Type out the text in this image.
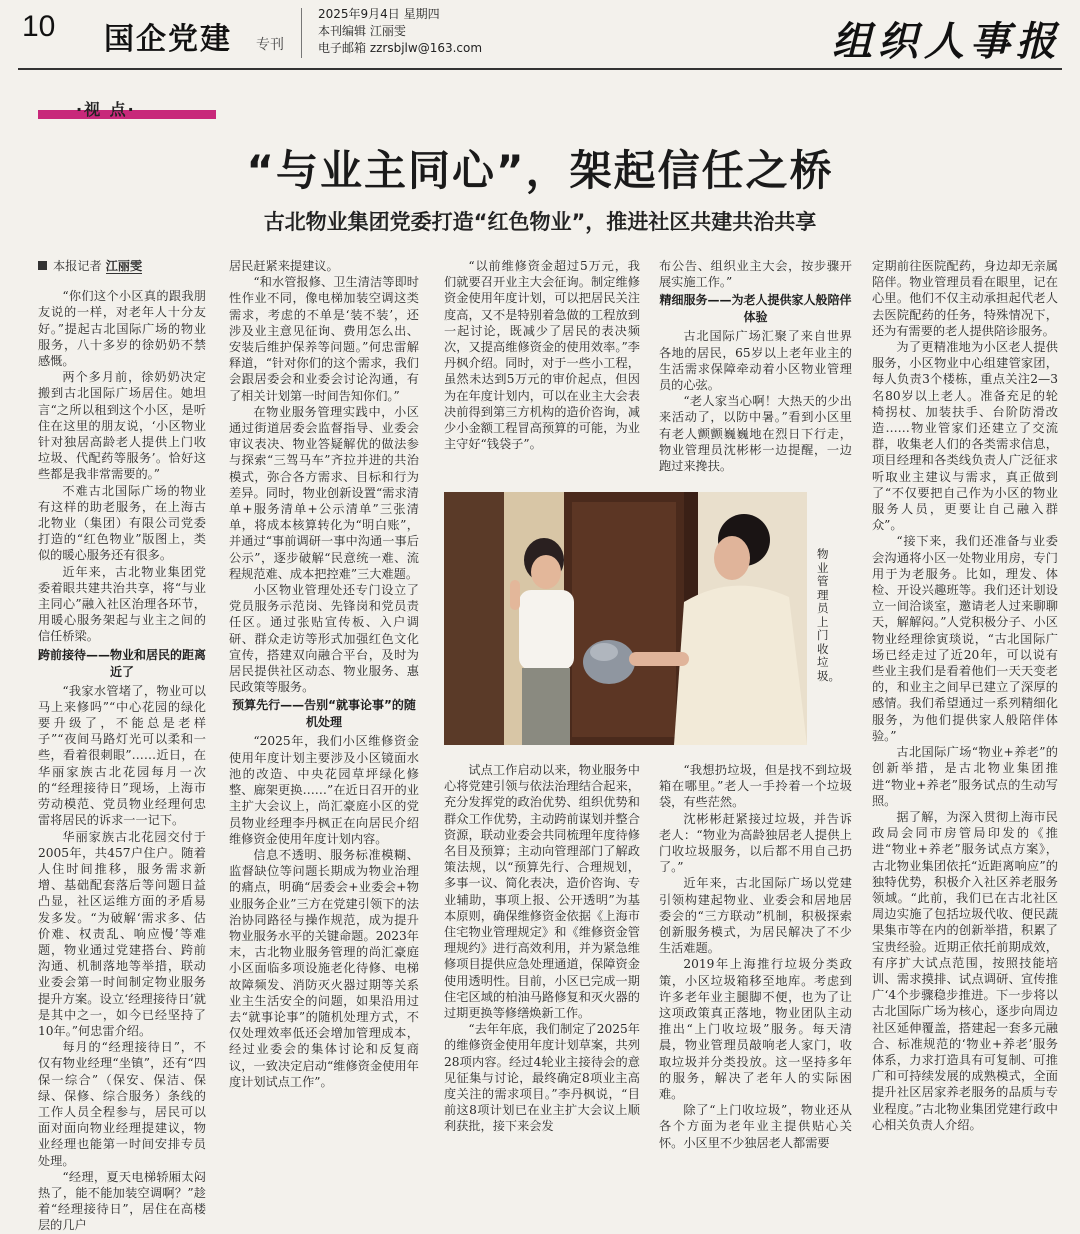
10 国企党建 专刊
2025年9月4日 星期四
本刊编辑 江丽雯
电子邮箱 zzrsbjlw@163.com	组织人事报
·视 点·
“与业主同心”，架起信任之桥
古北物业集团党委打造“红色物业”，推进社区共建共治共享

本报记者 江丽雯

“你们这个小区真的跟我朋友说的一样，对老年人十分友好。”提起古北国际广场的物业服务，八十多岁的徐奶奶不禁感慨。

两个多月前，徐奶奶决定搬到古北国际广场居住。她坦言“之所以租到这个小区，是听住在这里的朋友说，‘小区物业针对独居高龄老人提供上门收垃圾、代配药等服务’。恰好这些都是我非常需要的。”

不难古北国际广场的物业有这样的助老服务，在上海古北物业（集团）有限公司党委打造的“红色物业”版图上，类似的暖心服务还有很多。

近年来，古北物业集团党委着眼共建共治共享，将“与业主同心”融入社区治理各环节，用暖心服务架起与业主之间的信任桥梁。

跨前接待——物业和居民的距离近了

“我家水管堵了，物业可以马上来修吗”“中心花园的绿化要升级了，不能总是老样子”“夜间马路灯光可以柔和一些，看着很刺眼”……近日，在华丽家族古北花园每月一次的“经理接待日”现场，上海市劳动模范、党员物业经理何忠雷将居民的诉求一一记下。

华丽家族古北花园交付于2005年，共457户住户。随着人住时间推移，服务需求新增、基础配套落后等问题日益凸显，社区运维方面的矛盾易发多发。“为破解‘需求多、估价难、权责乱、响应慢’等难题，物业通过党建搭台、跨前沟通、机制落地等举措，联动业委会第一时间制定物业服务提升方案。设立‘经理接待日’就是其中之一，如今已经坚持了10年。”何忠雷介绍。

每月的“经理接待日”，不仅有物业经理“坐镇”，还有“四保一综合”（保安、保洁、保绿、保修、综合服务）条线的工作人员全程参与，居民可以面对面向物业经理提建议，物业经理也能第一时间安排专员处理。

“经理，夏天电梯轿厢太闷热了，能不能加装空调啊？”趁着“经理接待日”，居住在高楼层的几户

居民赶紧来提建议。

“和水管报修、卫生清洁等即时性作业不同，像电梯加装空调这类需求，考虑的不单是‘装不装’，还涉及业主意见征询、费用怎么出、安装后维护保养等问题。”何忠雷解释道，“针对你们的这个需求，我们会跟居委会和业委会讨论沟通，有了相关计划第一时间告知你们。”

在物业服务管理实践中，小区通过街道居委会监督指导、业委会审议表决、物业答疑解优的做法参与探索“三驾马车”齐拉并进的共治模式，弥合各方需求、目标和行为差异。同时，物业创新设置“需求清单+服务清单+公示清单”三张清单，将成本核算转化为“明白账”，并通过“事前调研一事中沟通一事后公示”，逐步破解“民意统一难、流程规范难、成本把控难”三大难题。

小区物业管理处还专门设立了党员服务示范岗、先锋岗和党员责任区。通过张贴宣传板、入户调研、群众走访等形式加强红色文化宣传，搭建双向融合平台，及时为居民提供社区动态、物业服务、惠民政策等服务。

预算先行——告别“就事论事”的随机处理

“2025年，我们小区维修资金使用年度计划主要涉及小区镜面水池的改造、中央花园草坪绿化修整、廊架更换……”在近日召开的业主扩大会议上，尚汇豪庭小区的党员物业经理李丹枫正在向居民介绍维修资金使用年度计划内容。

信息不透明、服务标准模糊、监督缺位等问题长期成为物业治理的痛点，明确“居委会+业委会+物业服务企业”三方在党建引领下的法治协同路径与操作规范，成为提升物业服务水平的关键命题。2023年末，古北物业服务管理的尚汇豪庭小区面临多项设施老化待修、电梯故障频发、消防灭火器过期等关系业主生活安全的问题，如果沿用过去“就事论事”的随机处理方式，不仅处理效率低还会增加管理成本，经过业委会的集体讨论和反复商议，一致决定启动“维修资金使用年度计划试点工作”。

“以前维修资金超过5万元，我们就要召开业主大会征询。制定维修资金使用年度计划，可以把居民关注度高，又不是特别着急做的工程放到一起讨论，既减少了居民的表决频次，又提高维修资金的使用效率。”李丹枫介绍。同时，对于一些小工程，虽然未达到5万元的审价起点，但因为在年度计划内，可以在业主大会表决前得到第三方机构的造价咨询，减少小金额工程冒高预算的可能，为业主守好“钱袋子”。

布公告、组织业主大会，按步骤开展实施工作。”

精细服务——为老人提供家人般陪伴体验

古北国际广场汇聚了来自世界各地的居民，65岁以上老年业主的生活需求保障牵动着小区物业管理员的心弦。

“老人家当心啊！大热天的少出来活动了，以防中暑。”看到小区里有老人颤颤巍巍地在烈日下行走，物业管理员沈彬彬一边提醒，一边跑过来搀扶。

物业管理员上门收垃圾。

试点工作启动以来，物业服务中心将党建引领与依法治理结合起来，充分发挥党的政治优势、组织优势和群众工作优势，主动跨前谋划并整合资源，联动业委会共同梳理年度待修名目及预算；主动向管理部门了解政策法规，以“预算先行、合理规划，多事一议、简化表决，造价咨询、专业辅助，事项上报、公开透明”为基本原则，确保维修资金依据《上海市住宅物业管理规定》和《维修资金管理规约》进行高效利用，并为紧急维修项目提供应急处理通道，保障资金使用透明性。目前，小区已完成一期住宅区域的柏油马路修复和灭火器的过期更换等修缮焕新工作。

“去年年底，我们制定了2025年的维修资金使用年度计划草案，共列28项内容。经过4轮业主接待会的意见征集与讨论，最终确定8项业主高度关注的需求项目。”李丹枫说，“目前这8项计划已在业主扩大会议上顺利获批，接下来会发

“我想扔垃圾，但是找不到垃圾箱在哪里。”老人一手拎着一个垃圾袋，有些茫然。

沈彬彬赶紧接过垃圾，并告诉老人：“物业为高龄独居老人提供上门收垃圾服务，以后都不用自己扔了。”

近年来，古北国际广场以党建引领构建起物业、业委会和居地居委会的“三方联动”机制，积极探索创新服务模式，为居民解决了不少生活难题。

2019年上海推行垃圾分类政策，小区垃圾箱移至地库。考虑到许多老年业主腿脚不便，也为了让这项政策真正落地，物业团队主动推出“上门收垃圾”服务。每天清晨，物业管理员敲响老人家门，收取垃圾并分类投放。这一坚持多年的服务，解决了老年人的实际困难。

除了“上门收垃圾”，物业还从各个方面为老年业主提供贴心关怀。小区里不少独居老人都需要

定期前往医院配药，身边却无亲属陪伴。物业管理员看在眼里，记在心里。他们不仅主动承担起代老人去医院配药的任务，特殊情况下，还为有需要的老人提供陪诊服务。

为了更精准地为小区老人提供服务，小区物业中心组建管家团，每人负责3个楼栋，重点关注2—3名80岁以上老人。准备充足的轮椅拐杖、加装扶手、台阶防滑改造……物业管家们还建立了交流群，收集老人们的各类需求信息，项目经理和各类线负责人广泛征求听取业主建议与需求，真正做到了“不仅要把自己作为小区的物业服务人员，更要让自己融入群众”。

“接下来，我们还准备与业委会沟通将小区一处物业用房，专门用于为老服务。比如，理发、体检、开设兴趣班等。我们还计划设立一间洽谈室，邀请老人过来聊聊天，解解闷。”人党积极分子、小区物业经理徐寅琰说，“古北国际广场已经走过了近20年，可以说有些业主我们是看着他们一天天变老的，和业主之间早已建立了深厚的感情。我们希望通过一系列精细化服务，为他们提供家人般陪伴体验。”

古北国际广场“物业+养老”的创新举措，是古北物业集团推进“物业+养老”服务试点的生动写照。

据了解，为深入贯彻上海市民政局会同市房管局印发的《推进“物业+养老”服务试点方案》，古北物业集团依托“近距离响应”的独特优势，积极介入社区养老服务领域。“此前，我们已在古北社区周边实施了包括垃圾代收、便民蔬果集市等在内的创新举措，积累了宝贵经验。近期正依托前期成效，有序扩大试点范围，按照技能培训、需求摸排、试点调研、宣传推广‘4个步骤稳步推进。下一步将以古北国际广场为核心，逐步向周边社区延伸覆盖，搭建起一套多元融合、标准规范的‘物业+养老’服务体系，力求打造具有可复制、可推广和可持续发展的成熟模式，全面提升社区居家养老服务的品质与专业程度。”古北物业集团党建行政中心相关负责人介绍。
